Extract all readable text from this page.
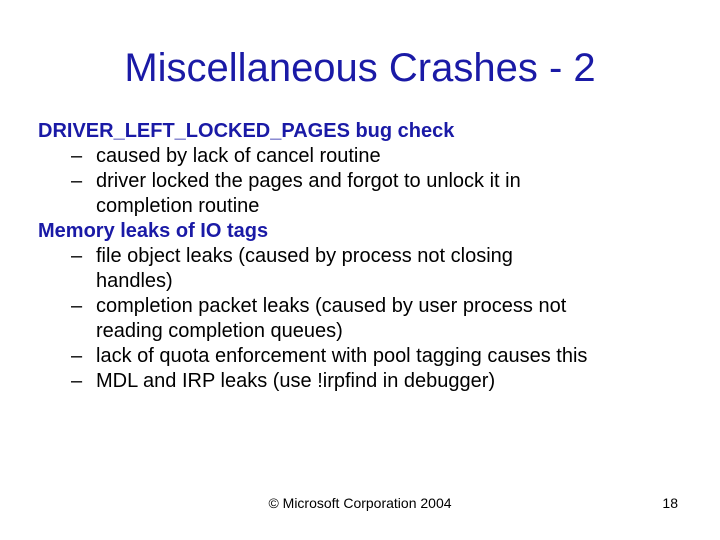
Miscellaneous Crashes - 2
DRIVER_LEFT_LOCKED_PAGES bug check
– caused by lack of cancel routine
– driver locked the pages and forgot to unlock it in
completion routine
Memory leaks of IO tags
– file object leaks (caused by process not closing
handles)
– completion packet leaks (caused by user process not
reading completion queues)
– lack of quota enforcement with pool tagging causes this
– MDL and IRP leaks (use !irpfind in debugger)
© Microsoft Corporation 2004	18
